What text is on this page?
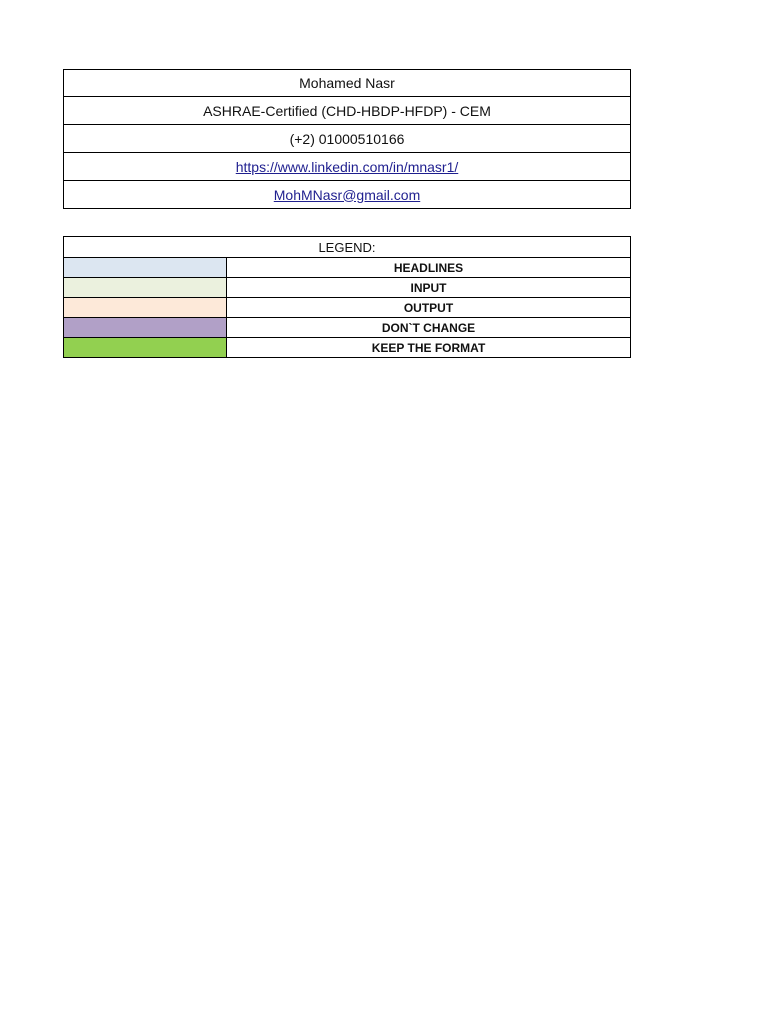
Mohamed Nasr
ASHRAE-Certified (CHD-HBDP-HFDP) - CEM
(+2) 01000510166
https://www.linkedin.com/in/mnasr1/
MohMNasr@gmail.com
LEGEND:
HEADLINES
INPUT
OUTPUT
DON`T CHANGE
KEEP THE FORMAT
